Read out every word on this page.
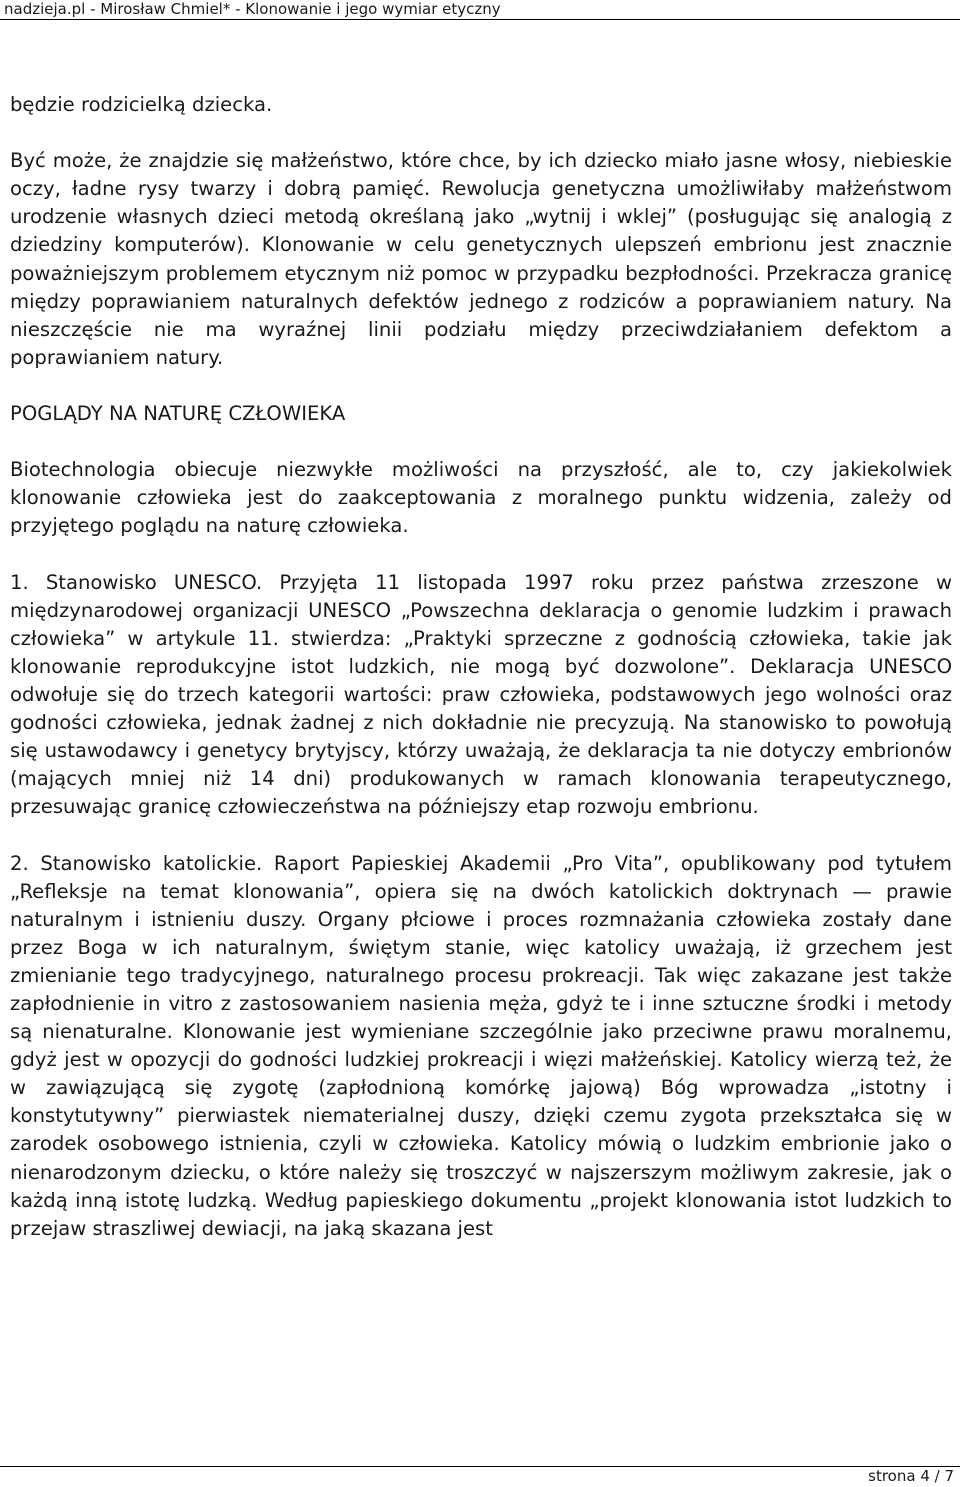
nadzieja.pl - Mirosław Chmiel* - Klonowanie i jego wymiar etyczny

będzie rodzicielką dziecka.

Być może, że znajdzie się małżeństwo, które chce, by ich dziecko miało jasne włosy, niebieskie oczy, ładne rysy twarzy i dobrą pamięć. Rewolucja genetyczna umożliwiłaby małżeństwom urodzenie własnych dzieci metodą określaną jako „wytnij i wklej” (posługując się analogią z dziedziny komputerów). Klonowanie w celu genetycznych ulepszeń embrionu jest znacznie poważniejszym problemem etycznym niż pomoc w przypadku bezpłodności. Przekracza granicę między poprawianiem naturalnych defektów jednego z rodziców a poprawianiem natury. Na nieszczęście nie ma wyraźnej linii podziału między przeciwdziałaniem defektom a poprawianiem natury.

POGLĄDY NA NATURĘ CZŁOWIEKA

Biotechnologia obiecuje niezwykłe możliwości na przyszłość, ale to, czy jakiekolwiek klonowanie człowieka jest do zaakceptowania z moralnego punktu widzenia, zależy od przyjętego poglądu na naturę człowieka.

1. Stanowisko UNESCO. Przyjęta 11 listopada 1997 roku przez państwa zrzeszone w międzynarodowej organizacji UNESCO „Powszechna deklaracja o genomie ludzkim i prawach człowieka” w artykule 11. stwierdza: „Praktyki sprzeczne z godnością człowieka, takie jak klonowanie reprodukcyjne istot ludzkich, nie mogą być dozwolone”. Deklaracja UNESCO odwołuje się do trzech kategorii wartości: praw człowieka, podstawowych jego wolności oraz godności człowieka, jednak żadnej z nich dokładnie nie precyzują. Na stanowisko to powołują się ustawodawcy i genetycy brytyjscy, którzy uważają, że deklaracja ta nie dotyczy embrionów (mających mniej niż 14 dni) produkowanych w ramach klonowania terapeutycznego, przesuwając granicę człowieczeństwa na późniejszy etap rozwoju embrionu.

2. Stanowisko katolickie. Raport Papieskiej Akademii „Pro Vita”, opublikowany pod tytułem „Refleksje na temat klonowania”, opiera się na dwóch katolickich doktrynach — prawie naturalnym i istnieniu duszy. Organy płciowe i proces rozmnażania człowieka zostały dane przez Boga w ich naturalnym, świętym stanie, więc katolicy uważają, iż grzechem jest zmienianie tego tradycyjnego, naturalnego procesu prokreacji. Tak więc zakazane jest także zapłodnienie in vitro z zastosowaniem nasienia męża, gdyż te i inne sztuczne środki i metody są nienaturalne. Klonowanie jest wymieniane szczególnie jako przeciwne prawu moralnemu, gdyż jest w opozycji do godności ludzkiej prokreacji i więzi małżeńskiej. Katolicy wierzą też, że w zawiązującą się zygotę (zapłodnioną komórkę jajową) Bóg wprowadza „istotny i konstytutywny” pierwiastek niematerialnej duszy, dzięki czemu zygota przekształca się w zarodek osobowego istnienia, czyli w człowieka. Katolicy mówią o ludzkim embrionie jako o nienarodzonym dziecku, o które należy się troszczyć w najszerszym możliwym zakresie, jak o każdą inną istotę ludzką. Według papieskiego dokumentu „projekt klonowania istot ludzkich to przejaw straszliwej dewiacji, na jaką skazana jest

strona 4 / 7
